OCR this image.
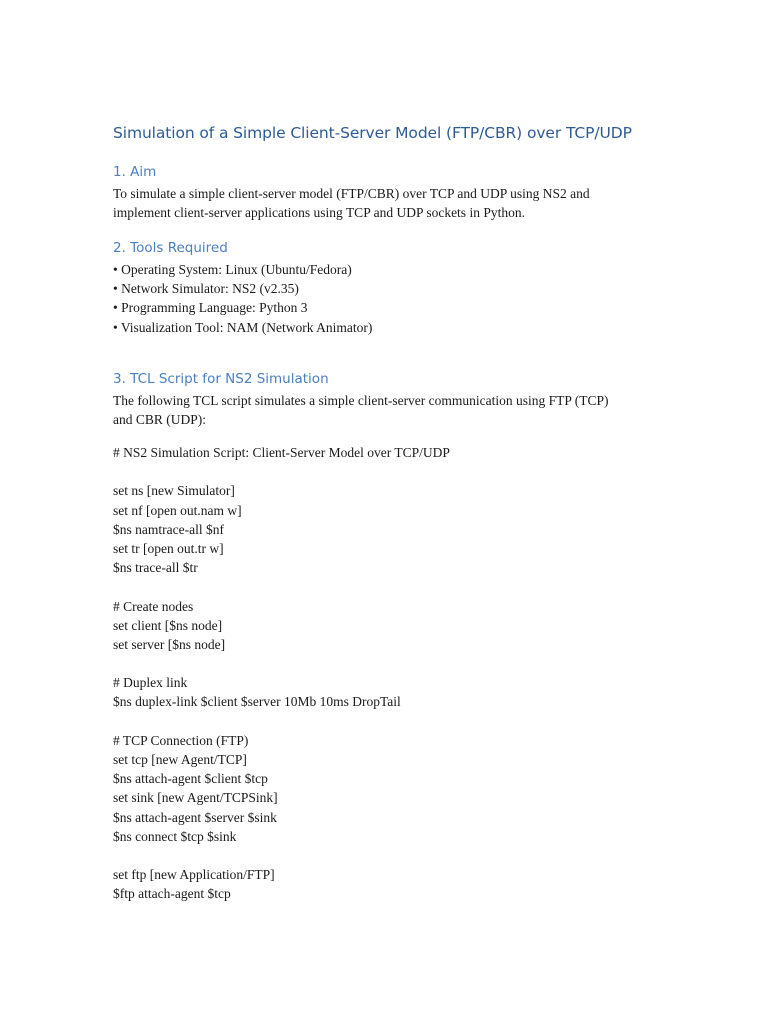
Simulation of a Simple Client-Server Model (FTP/CBR) over TCP/UDP
1. Aim
To simulate a simple client-server model (FTP/CBR) over TCP and UDP using NS2 and
implement client-server applications using TCP and UDP sockets in Python.
2. Tools Required
• Operating System: Linux (Ubuntu/Fedora)
• Network Simulator: NS2 (v2.35)
• Programming Language: Python 3
• Visualization Tool: NAM (Network Animator)
3. TCL Script for NS2 Simulation
The following TCL script simulates a simple client-server communication using FTP (TCP)
and CBR (UDP):
# NS2 Simulation Script: Client-Server Model over TCP/UDP
set ns [new Simulator]
set nf [open out.nam w]
$ns namtrace-all $nf
set tr [open out.tr w]
$ns trace-all $tr
# Create nodes
set client [$ns node]
set server [$ns node]
# Duplex link
$ns duplex-link $client $server 10Mb 10ms DropTail
# TCP Connection (FTP)
set tcp [new Agent/TCP]
$ns attach-agent $client $tcp
set sink [new Agent/TCPSink]
$ns attach-agent $server $sink
$ns connect $tcp $sink
set ftp [new Application/FTP]
$ftp attach-agent $tcp
